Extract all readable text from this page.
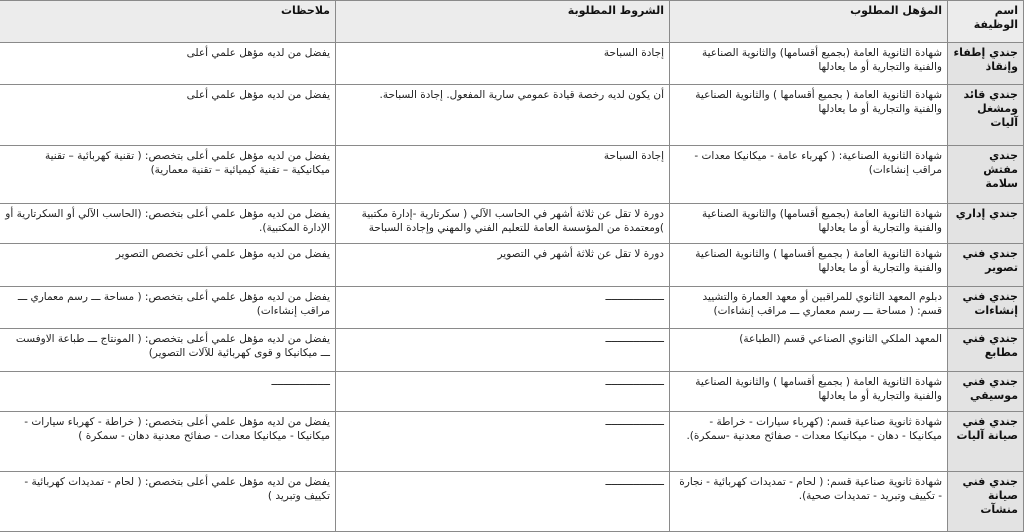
اسم الوظيفة	المؤهل المطلوب	الشروط المطلوبة	ملاحظات
جندي إطفاء وإنقاذ	شهادة الثانوية العامة (بجميع أقسامها) والثانوية الصناعية والفنية والتجارية أو ما يعادلها	إجادة السباحة	يفضل من لديه مؤهل علمي أعلى
جندي قائد ومشغل آليات	شهادة الثانوية العامة ( بجميع أقسامها ) والثانوية الصناعية والفنية والتجارية أو ما يعادلها	أن يكون لديه رخصة قيادة عمومي سارية المفعول. إجادة السباحة.	يفضل من لديه مؤهل علمي أعلى
جندي مفتش سلامة	شهادة الثانوية الصناعية: ( كهرباء عامة - ميكانيكا معدات - مراقب إنشاءات)	إجادة السباحة	يفضل من لديه مؤهل علمي أعلى بتخصص: ( تقنية كهربائية – تقنية ميكانيكية – تقنية كيميائية – تقنية معمارية)
جندي إداري	شهادة الثانوية العامة (بجميع أقسامها) والثانوية الصناعية والفنية والتجارية أو ما يعادلها	دورة لا تقل عن ثلاثة أشهر في الحاسب الآلي ( سكرتارية -إدارة مكتبية )ومعتمدة من المؤسسة العامة للتعليم الفني والمهني وإجادة السباحة	يفضل من لديه مؤهل علمي أعلى بتخصص: (الحاسب الآلي أو السكرتارية أو الإدارة المكتبية).
جندي فني تصوير	شهادة الثانوية العامة ( بجميع أقسامها ) والثانوية الصناعية والفنية والتجارية أو ما يعادلها	دورة لا تقل عن ثلاثة أشهر في التصوير	يفضل من لديه مؤهل علمي أعلى تخصص التصوير
جندي فني إنشاءات	دبلوم المعهد الثانوي للمراقبين أو معهد العمارة والتشييد قسم: ( مساحة ـــ رسم معماري ـــ مراقب إنشاءات)	ـــــــــــــــــــ	يفضل من لديه مؤهل علمي أعلى بتخصص: ( مساحة ـــ رسم معماري ـــ مراقب إنشاءات)
جندي فني مطابع	المعهد الملكي الثانوي الصناعي قسم (الطباعة)	ـــــــــــــــــــ	يفضل من لديه مؤهل علمي أعلى بتخصص: ( المونتاج ـــ طباعة الاوفست ـــ ميكانيكا و قوى كهربائية للآلات التصوير)
جندي فني موسيقي	شهادة الثانوية العامة ( بجميع أقسامها ) والثانوية الصناعية والفنية والتجارية أو ما يعادلها	ـــــــــــــــــــ	ـــــــــــــــــــ
جندي فني صيانة آليات	شهادة ثانوية صناعية قسم: (كهرباء سيارات - خراطة - ميكانيكا - دهان - ميكانيكا معدات - صفائح معدنية -سمكرة).	ـــــــــــــــــــ	يفضل من لديه مؤهل علمي أعلى بتخصص: ( خراطة - كهرباء سيارات - ميكانيكا - ميكانيكا معدات - صفائح معدنية دهان - سمكرة )
جندي فني صيانة منشآت	شهادة ثانوية صناعية قسم: ( لحام - تمديدات كهربائية - نجارة - تكييف وتبريد - تمديدات صحية).	ـــــــــــــــــــ	يفضل من لديه مؤهل علمي أعلى بتخصص: ( لحام - تمديدات كهربائية - تكييف وتبريد )
